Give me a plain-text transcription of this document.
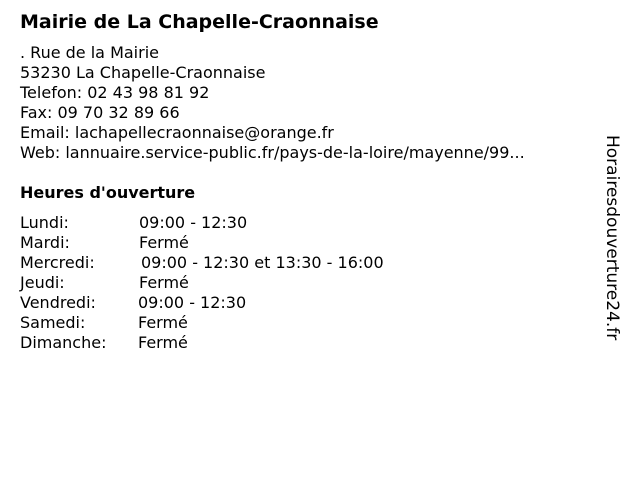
Mairie de La Chapelle-Craonnaise
. Rue de la Mairie
53230 La Chapelle-Craonnaise
Telefon: 02 43 98 81 92
Fax: 09 70 32 89 66
Email: lachapellecraonnaise@orange.fr
Web: lannuaire.service-public.fr/pays-de-la-loire/mayenne/99...
Heures d'ouverture
Lundi:	09:00 - 12:30
Mardi:	Fermé
Mercredi:	09:00 - 12:30 et 13:30 - 16:00
Jeudi:	Fermé
Vendredi:	09:00 - 12:30
Samedi:	Fermé
Dimanche: Fermé
Horairesdouverture24.fr
